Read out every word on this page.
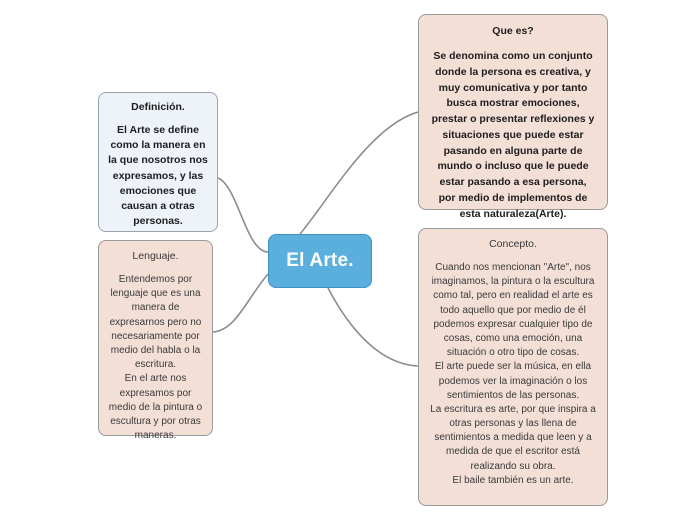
El Arte.
Definición.
El Arte se define como la manera en la que nosotros nos expresamos, y las emociones que causan a otras personas.
Que es?
Se denomina como un conjunto donde la persona es creativa, y muy comunicativa y por tanto busca mostrar emociones, prestar o presentar reflexiones y situaciones que puede estar pasando en alguna parte de mundo o incluso que le puede estar pasando a esa persona, por medio de implementos de esta naturaleza(Arte).
Lenguaje.

Entendemos por lenguaje que es una manera de expresarnos pero no necesariamente por medio del habla o la escritura.

En el arte nos expresamos por medio de la pintura o escultura y por otras maneras.

Concepto.

Cuando nos mencionan "Arte", nos imaginamos, la pintura o la escultura como tal, pero en realidad el arte es todo aquello que por medio de él podemos expresar cualquier tipo de cosas, como una emoción, una situación o otro tipo de cosas.

El arte puede ser la música, en ella podemos ver la imaginación o los sentimientos de las personas.

La escritura es arte, por que inspira a otras personas y las llena de sentimientos a medida que leen y a medida de que el escritor está realizando su obra.

El baile también es un arte.
